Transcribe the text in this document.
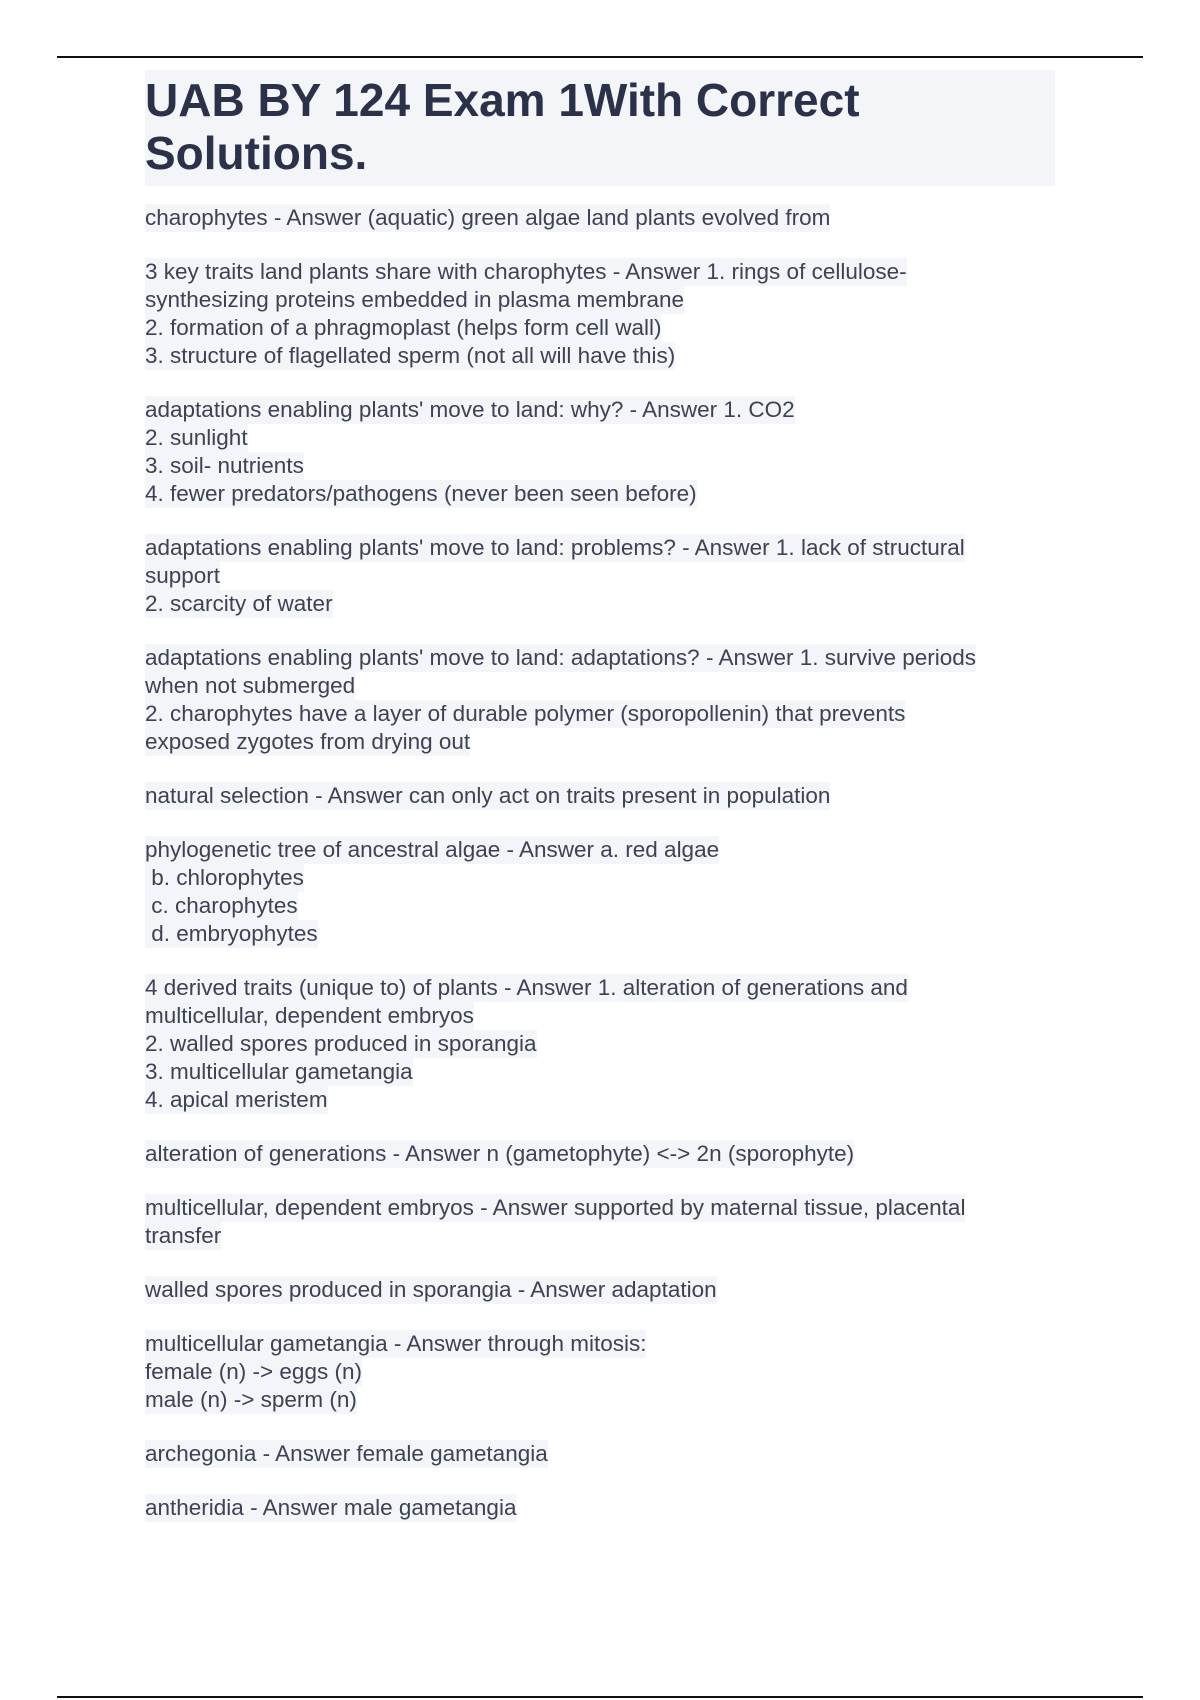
UAB BY 124 Exam 1With Correct
Solutions.
charophytes - Answer (aquatic) green algae land plants evolved from
3 key traits land plants share with charophytes - Answer 1. rings of cellulose-
synthesizing proteins embedded in plasma membrane
2. formation of a phragmoplast (helps form cell wall)
3. structure of flagellated sperm (not all will have this)
adaptations enabling plants' move to land: why? - Answer 1. CO2
2. sunlight
3. soil- nutrients
4. fewer predators/pathogens (never been seen before)
adaptations enabling plants' move to land: problems? - Answer 1. lack of structural
support
2. scarcity of water
adaptations enabling plants' move to land: adaptations? - Answer 1. survive periods
when not submerged
2. charophytes have a layer of durable polymer (sporopollenin) that prevents
exposed zygotes from drying out
natural selection - Answer can only act on traits present in population
phylogenetic tree of ancestral algae - Answer a. red algae
b. chlorophytes
c. charophytes
d. embryophytes
4 derived traits (unique to) of plants - Answer 1. alteration of generations and
multicellular, dependent embryos
2. walled spores produced in sporangia
3. multicellular gametangia
4. apical meristem
alteration of generations - Answer n (gametophyte) <-> 2n (sporophyte)
multicellular, dependent embryos - Answer supported by maternal tissue, placental
transfer
walled spores produced in sporangia - Answer adaptation
multicellular gametangia - Answer through mitosis:
female (n) -> eggs (n)
male (n) -> sperm (n)
archegonia - Answer female gametangia
antheridia - Answer male gametangia
